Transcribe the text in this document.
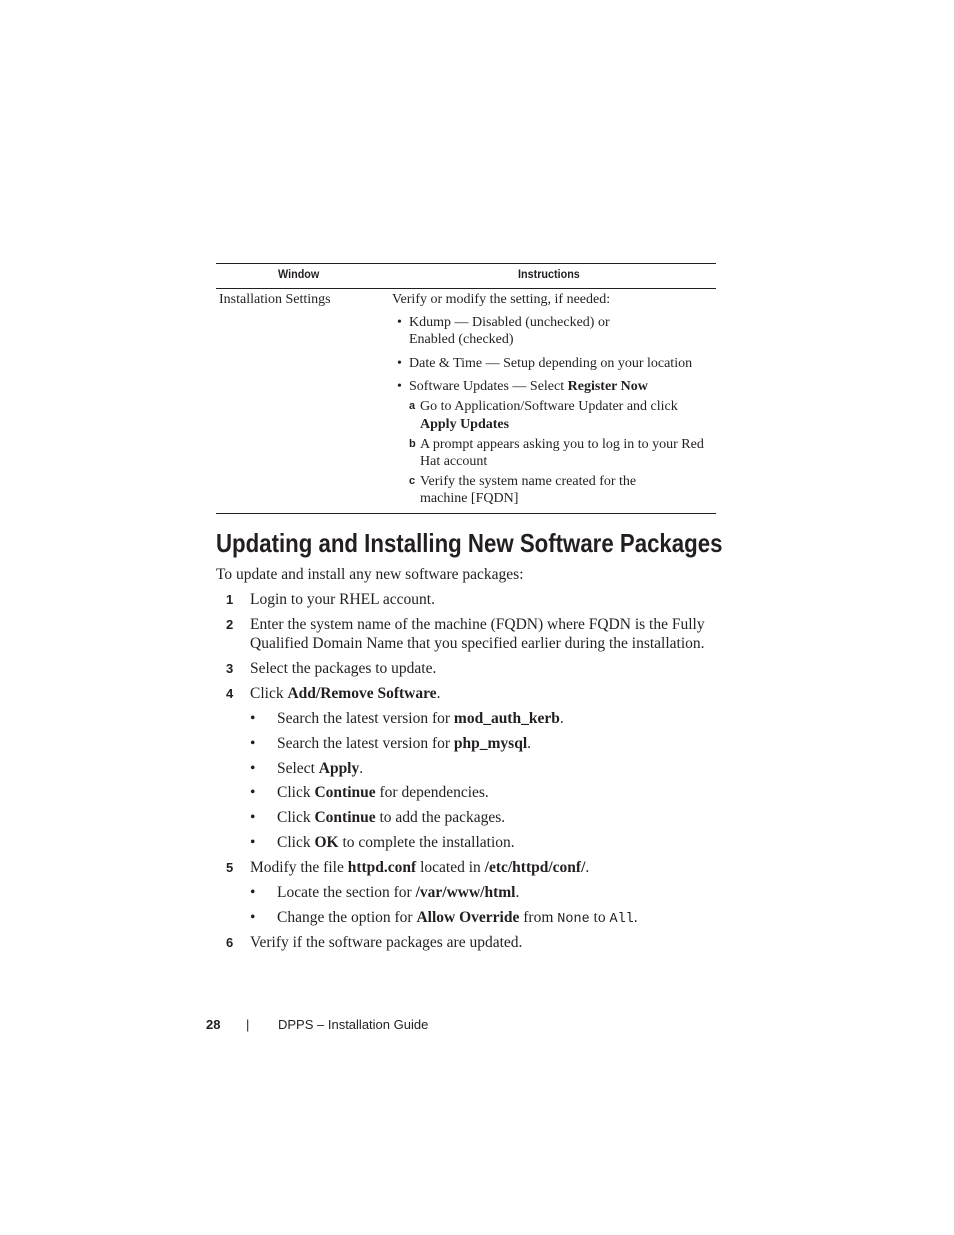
Window	Instructions
Installation Settings	Verify or modify the setting, if needed:
• Kdump — Disabled (unchecked) or
Enabled (checked)
• Date & Time — Setup depending on your location
• Software Updates — Select Register Now
a Go to Application/Software Updater and click
Apply Updates
b A prompt appears asking you to log in to your Red
Hat account
c Verify the system name created for the
machine [FQDN]
Updating and Installing New Software Packages
To update and install any new software packages:
1 Login to your RHEL account.
2 Enter the system name of the machine (FQDN) where FQDN is the Fully
Qualified Domain Name that you specified earlier during the installation.
3 Select the packages to update.
4 Click Add/Remove Software.
• Search the latest version for mod_auth_kerb.
• Search the latest version for php_mysql.
• Select Apply.
• Click Continue for dependencies.
• Click Continue to add the packages.
• Click OK to complete the installation.
5 Modify the file httpd.conf located in /etc/httpd/conf/.
• Locate the section for /var/www/html.
• Change the option for Allow Override from None to All.
6 Verify if the software packages are updated.
28 | DPPS – Installation Guide
